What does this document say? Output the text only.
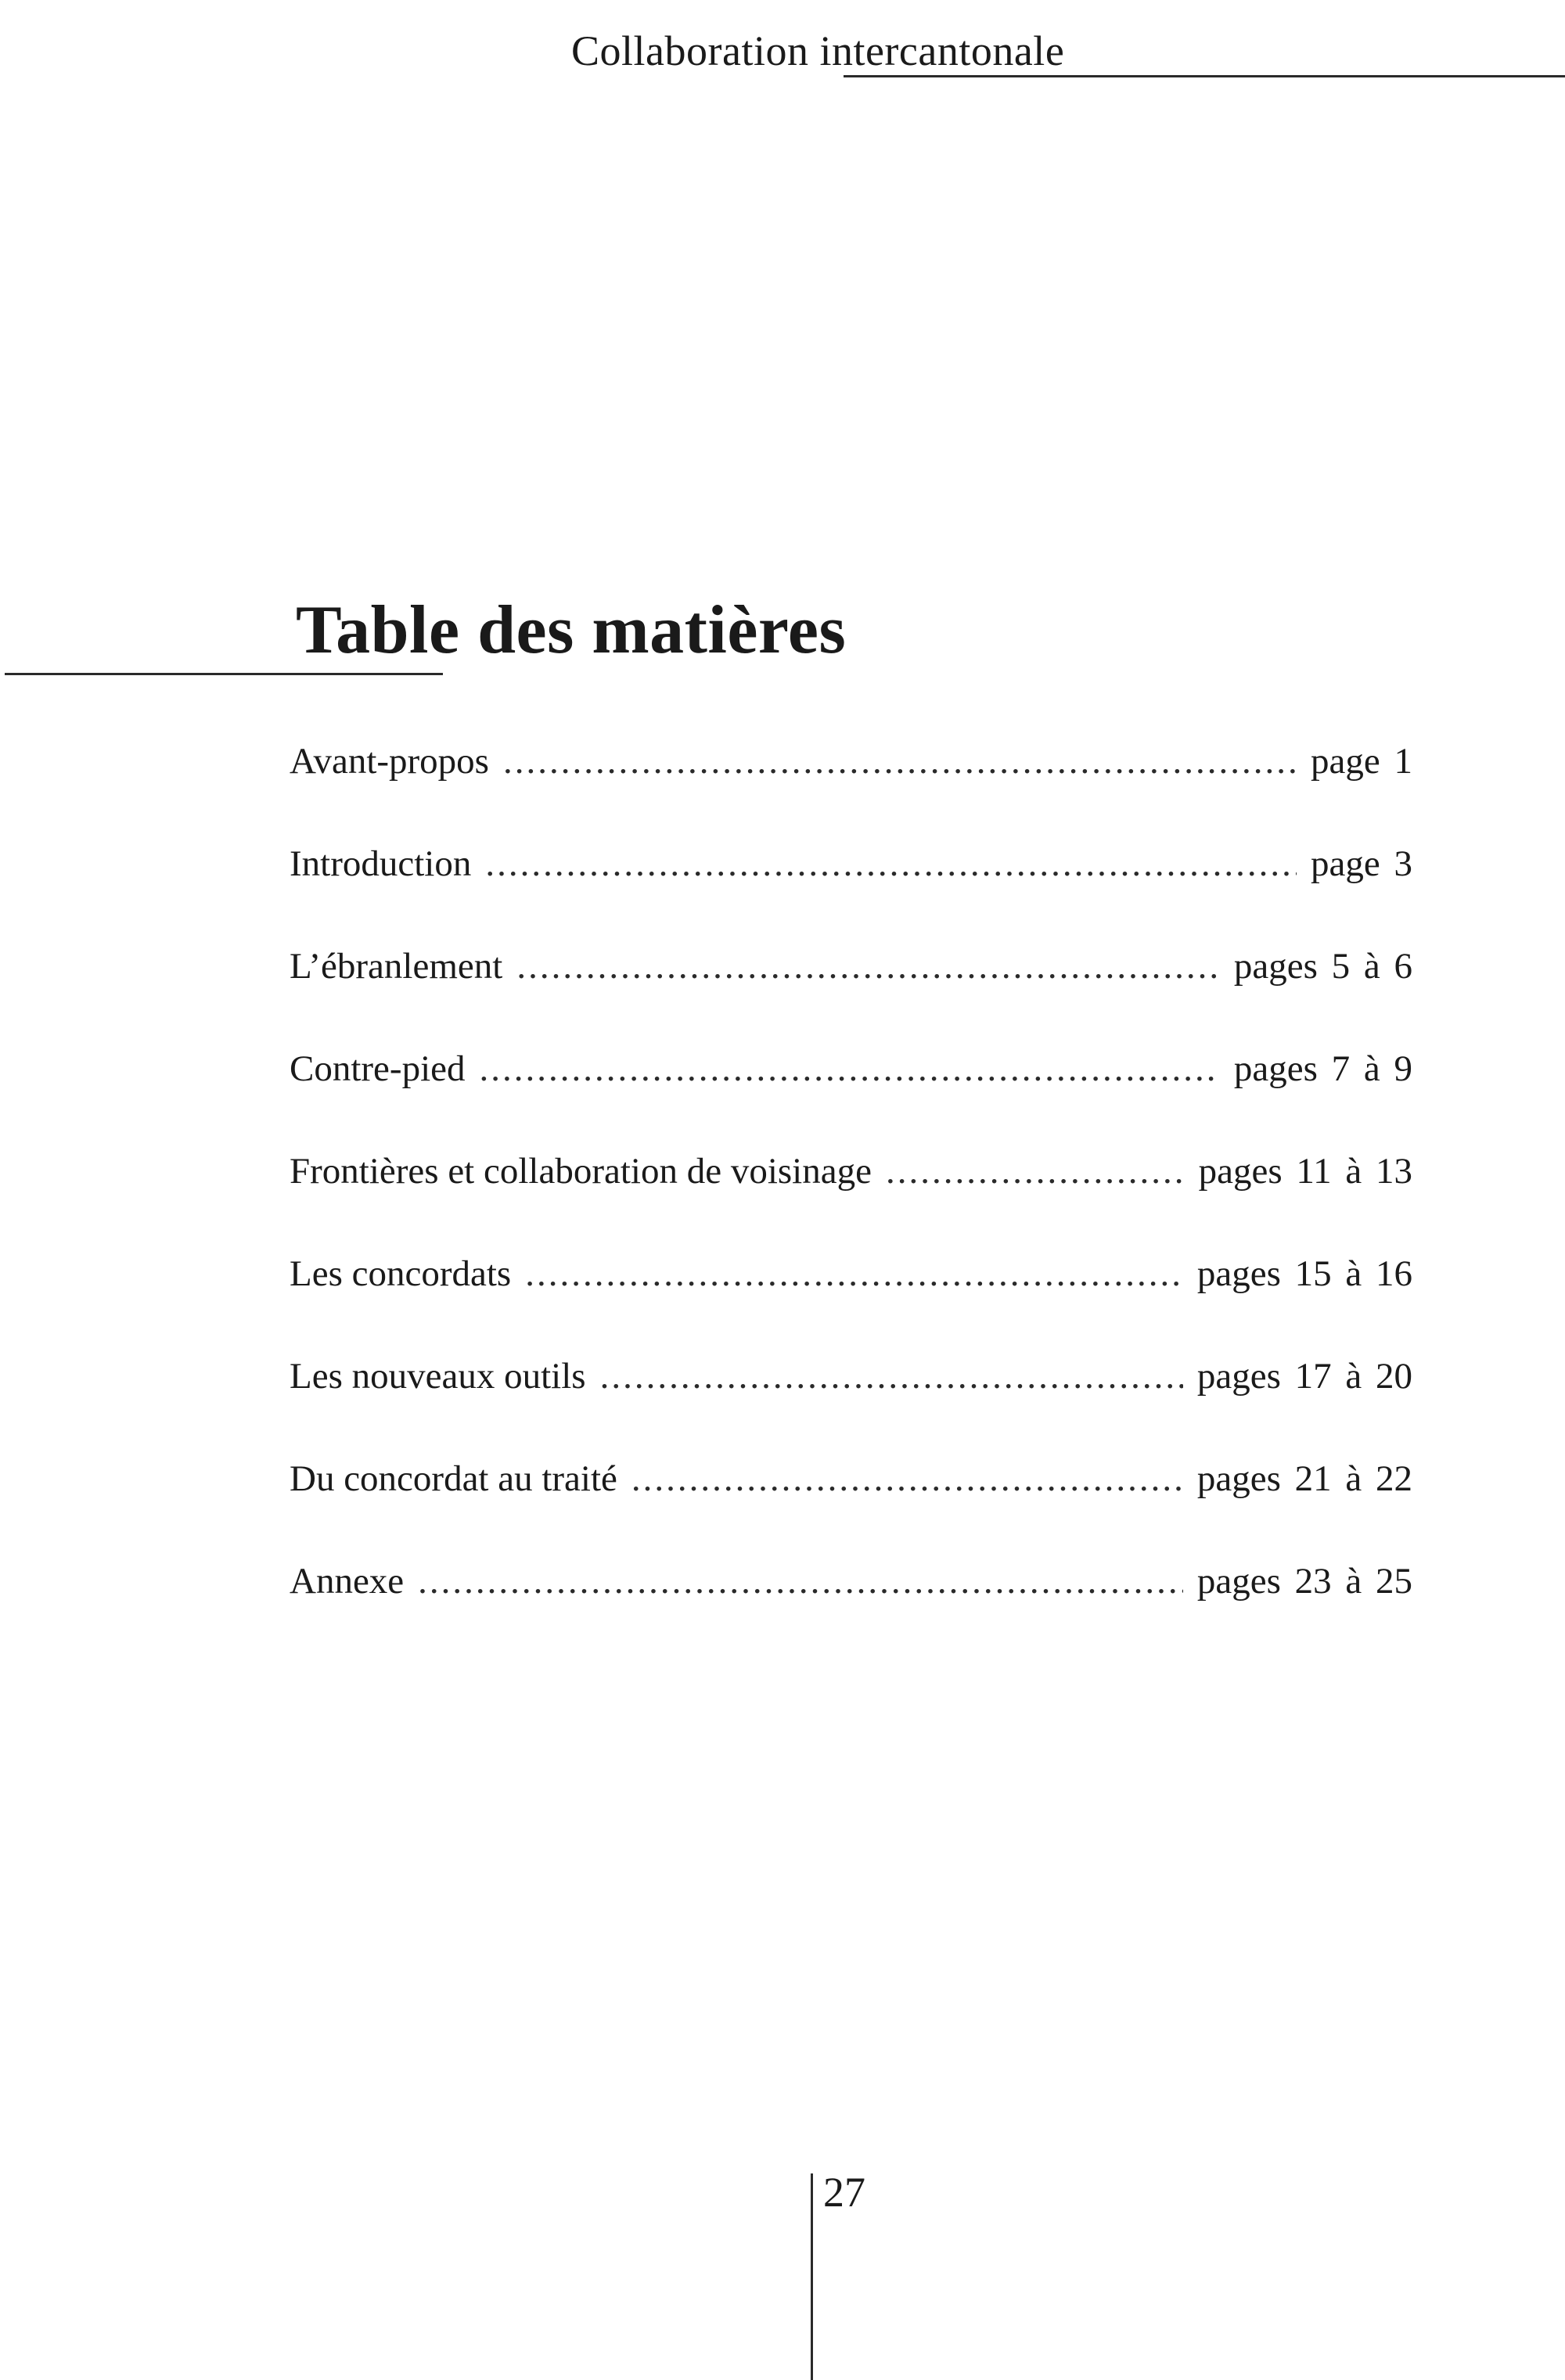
Collaboration intercantonale
Table des matières
Avant-propos .....	page 1
Introduction .....	page 3
L’ébranlement .....	pages 5 à 6
Contre-pied .....	pages 7 à 9
Frontières et collaboration de voisinage .....	pages 11 à 13
Les concordats .....	pages 15 à 16
Les nouveaux outils .....	pages 17 à 20
Du concordat au traité .....	pages 21 à 22
Annexe .....	pages 23 à 25
27
